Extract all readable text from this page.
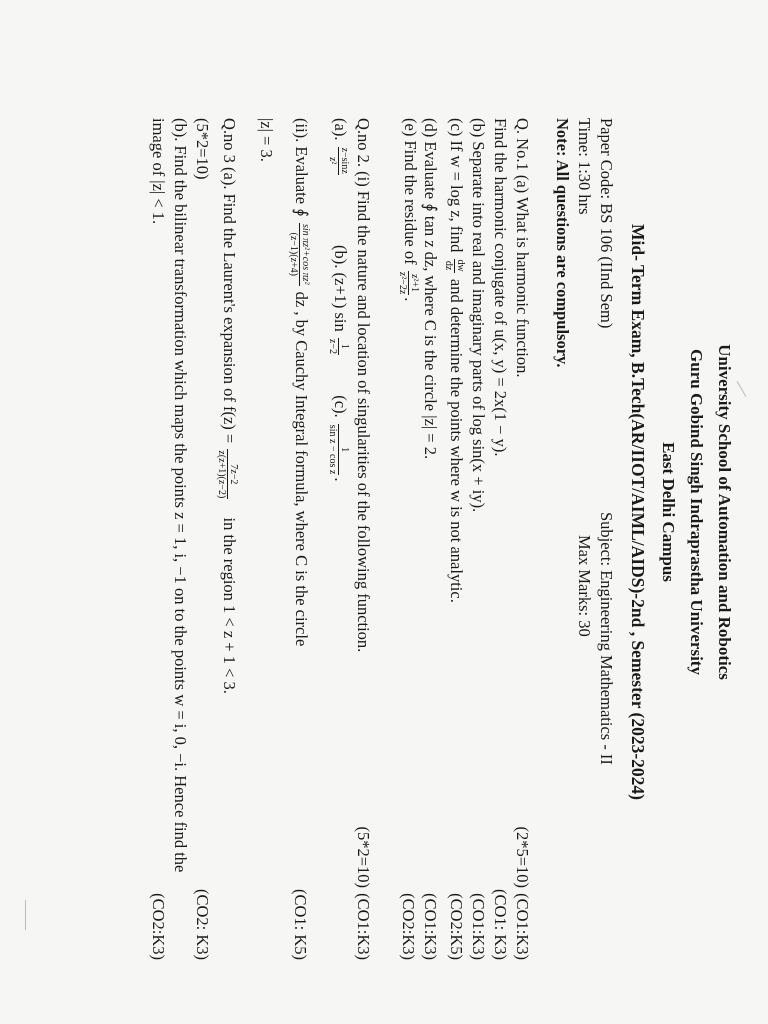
University School of Automation and Robotics
Guru Gobind Singh Indraprastha University
East Delhi Campus
Mid- Term Exam, B.Tech(AR/IIOT/AIML/AIDS)-2nd , Semester (2023-2024)
Paper Code: BS 106 (IInd Sem)
Subject: Engineering Mathematics - II
Time: 1:30 hrs
Max Marks: 30
Note: All questions are compulsory.
Q. No.1 (a) What is harmonic function.
(2*5=10)
(CO1:K3)
Find the harmonic conjugate of u(x, y) = 2x(1 − y).
(CO1: K3)
(b) Separate into real and imaginary parts of log sin(x + iy).
(CO1:K3)
(c) If w = log z, find
dw
dz
and determine the points where w is not analytic.
(CO2:K5)
(d) Evaluate ∮ tan z dz, where C is the circle |z| = 2.
(CO1:K3)
(e) Find the residue of
z²+1
z²−2z
.
(CO2:K3)
Q.no 2. (i) Find the nature and location of singularities of the following function.
(5*2=10)
(CO1:K3)
(a).
z−sinz
z²
(b). (z+1) sin
1
z−2
(c).
1
sin z − cos z
.
(ii). Evaluate ∮
sin πz²+cos πz²
(z−1)(z+4)
dz , by Cauchy Integral formula, where C is the circle
(CO1: K5)
|z| = 3.
Q.no 3 (a). Find the Laurent's expansion of f(z) =
7z−2
z(z+1)(z−2)
in the region 1 < z + 1 < 3.
(5*2=10)
(CO2: K3)
(b). Find the bilinear transformation which maps the points z = 1, i, −1 on to the points w = i, 0, −i. Hence find the
image of |z| < 1.
(CO2:K3)
